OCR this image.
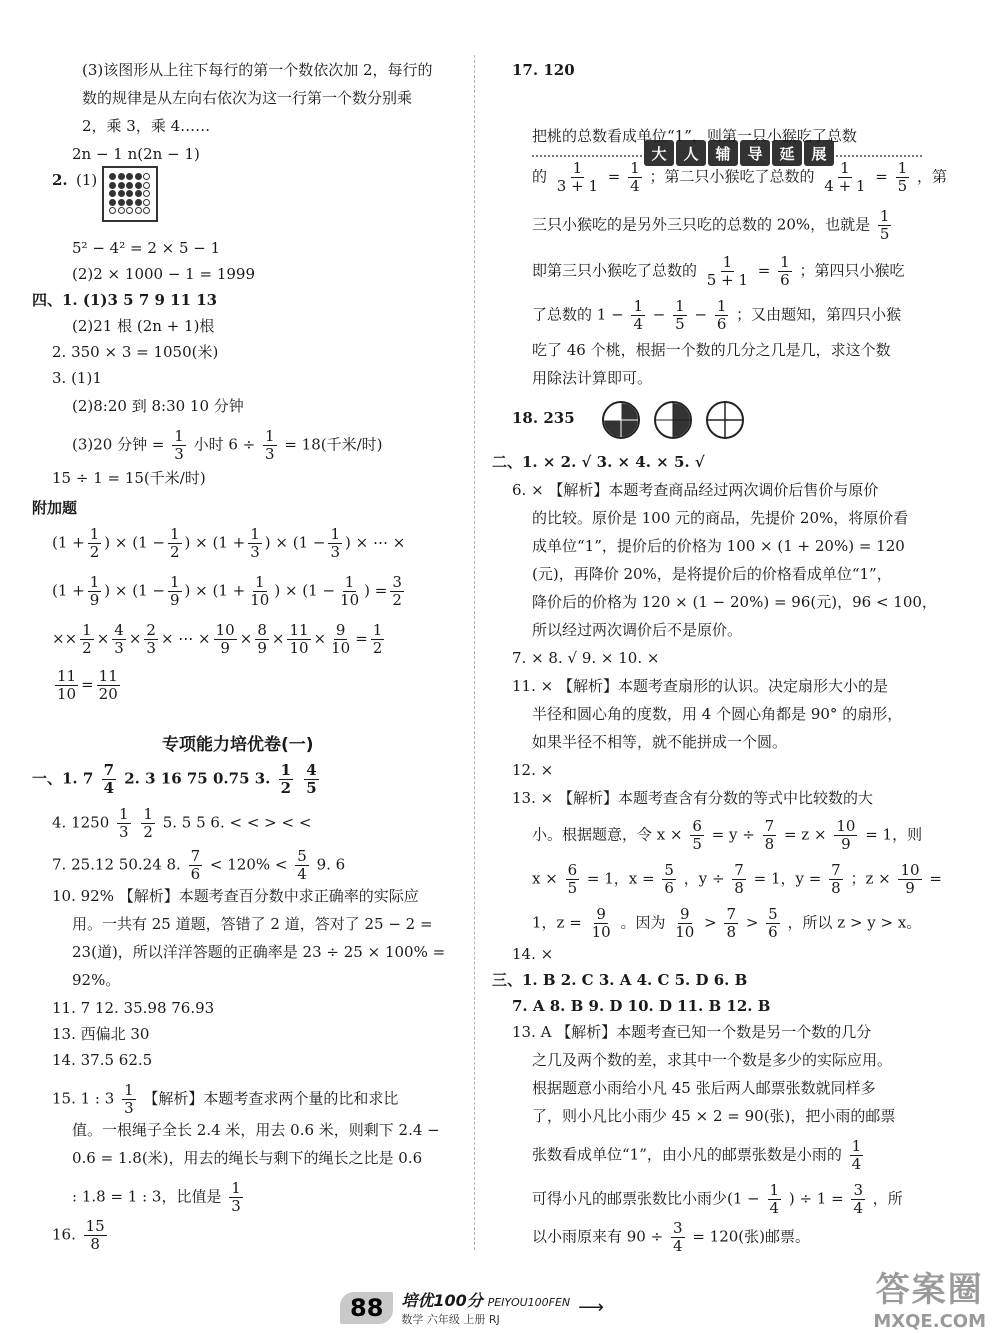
(3)该图形从上往下每行的第一个数依次加 2，每行的
数的规律是从左向右依次为这一行第一个数分别乘
2，乘 3，乘 4……
2n − 1 n(2n − 1)
2. (1)
5² − 4² = 2 × 5 − 1
(2)2 × 1000 − 1 = 1999
四、1. (1)3 5 7 9 11 13
(2)21 根 (2n + 1)根
2. 350 × 3 = 1050(米)
3. (1)1
(2)8:20 到 8:30 10 分钟
(3)20 分钟 = $\frac{1}{3}$ 小时 $6 \div \frac{1}{3} = 18$(千米/时)
15 ÷ 1 = 15(千米/时)
附加题
($1 + \frac{1}{2}$ ) × ($1 - \frac{1}{2}$ ) × ($1 + \frac{1}{3}$ ) × ($1 - \frac{1}{3}$ ) × ⋯ ×
($1 + \frac{1}{9}$ ) × ($1 - \frac{1}{9}$ ) × ($1 + \frac{1}{10}$ ) × ($1 - \frac{1}{10}$ ) = $\frac{3}{2}$
×× $\frac{1}{2} \times \frac{4}{3} \times \frac{2}{3}$ × ⋯ × $\frac{10}{9} \times \frac{8}{9} \times \frac{11}{10} \times \frac{9}{10} = \frac{1}{2}$
$\frac{11}{10} = \frac{11}{20}$
专项能力培优卷(一)
一、1. $7 \frac{7}{4} 2$. 3 16 75 0.75 3. $\frac{1}{2}$
$\frac{4}{5}$
4. $1250 \frac{1}{3}$
$\frac{1}{2} 5$. 5 5 6. < < > < <
7. 25.12 50.24 8. $\frac{7}{6} < 120\% < \frac{5}{4} 9$. 6
10. 92% 【解析】本题考查百分数中求正确率的实际应
用。一共有 25 道题，答错了 2 道，答对了 25 − 2 =
23(道)，所以洋洋答题的正确率是 23 ÷ 25 × 100% =
92%。
11. 7 12. 35.98 76.93
13. 西偏北 30
14. 37.5 62.5
15. 1 : $3 \frac{1}{3}$ 【解析】本题考查求两个量的比和求比
值。一根绳子全长 2.4 米，用去 0.6 米，则剩下 2.4 −
0.6 = 1.8(米)，用去的绳长与剩下的绳长之比是 0.6
: 1.8 = 1 : 3，比值是 $\frac{1}{3}$
16. $\frac{15}{8}$
17. 120
大	人	辅	导	延	展
把桃的总数看成单位“1”，则第一只小猴吃了总数
的 $\frac{1}{3 + 1} = \frac{1}{4}$ ；第二只小猴吃了总数的 $\frac{1}{4 + 1} = \frac{1}{5}$ ，第
三只小猴吃的是另外三只吃的总数的 20%，也就是 $\frac{1}{5}$
即第三只小猴吃了总数的 $\frac{1}{5 + 1} = \frac{1}{6}$ ；第四只小猴吃
了总数的 $1 - \frac{1}{4} - \frac{1}{5} - \frac{1}{6}$ ；又由题知，第四只小猴
吃了 46 个桃，根据一个数的几分之几是几，求这个数
用除法计算即可。
18. 235
二、1. × 2. √ 3. × 4. × 5. √
6. × 【解析】本题考查商品经过两次调价后售价与原价
的比较。原价是 100 元的商品，先提价 20%，将原价看
成单位“1”，提价后的价格为 100 × (1 + 20%) = 120
(元)，再降价 20%，是将提价后的价格看成单位“1”，
降价后的价格为 120 × (1 − 20%) = 96(元)，96 < 100，
所以经过两次调价后不是原价。
7. × 8. √ 9. × 10. ×
11. × 【解析】本题考查扇形的认识。决定扇形大小的是
半径和圆心角的度数，用 4 个圆心角都是 90° 的扇形，
如果半径不相等，就不能拼成一个圆。
12. ×
13. × 【解析】本题考查含有分数的等式中比较数的大
小。根据题意，令 $x \times \frac{6}{5} = y \div \frac{7}{8} = z \times \frac{10}{9} = 1$，则
$x \times \frac{6}{5} = 1$，$x = \frac{5}{6}$ ，$y \div \frac{7}{8} = 1$，$y = \frac{7}{8}$ ；$z \times \frac{10}{9}$ =
1，$z = \frac{9}{10}$ 。因为 $\frac{9}{10} > \frac{7}{8} > \frac{5}{6}$ ，所以 z > y > x。
14. ×
三、1. B 2. C 3. A 4. C 5. D 6. B
7. A 8. B 9. D 10. D 11. B 12. B
13. A 【解析】本题考查已知一个数是另一个数的几分
之几及两个数的差，求其中一个数是多少的实际应用。
根据题意小雨给小凡 45 张后两人邮票张数就同样多
了，则小凡比小雨少 45 × 2 = 90(张)，把小雨的邮票
张数看成单位“1”，由小凡的邮票张数是小雨的 $\frac{1}{4}$
可得小凡的邮票张数比小雨少($1 - \frac{1}{4}$ ) ÷ $1 = \frac{3}{4}$ ，所
以小雨原来有 $90 \div \frac{3}{4} = 120$(张)邮票。
88	培优100分 PEIYOU100FEN
数学 六年级 上册 RJ
⟶	答案圈
MXQE.COM
